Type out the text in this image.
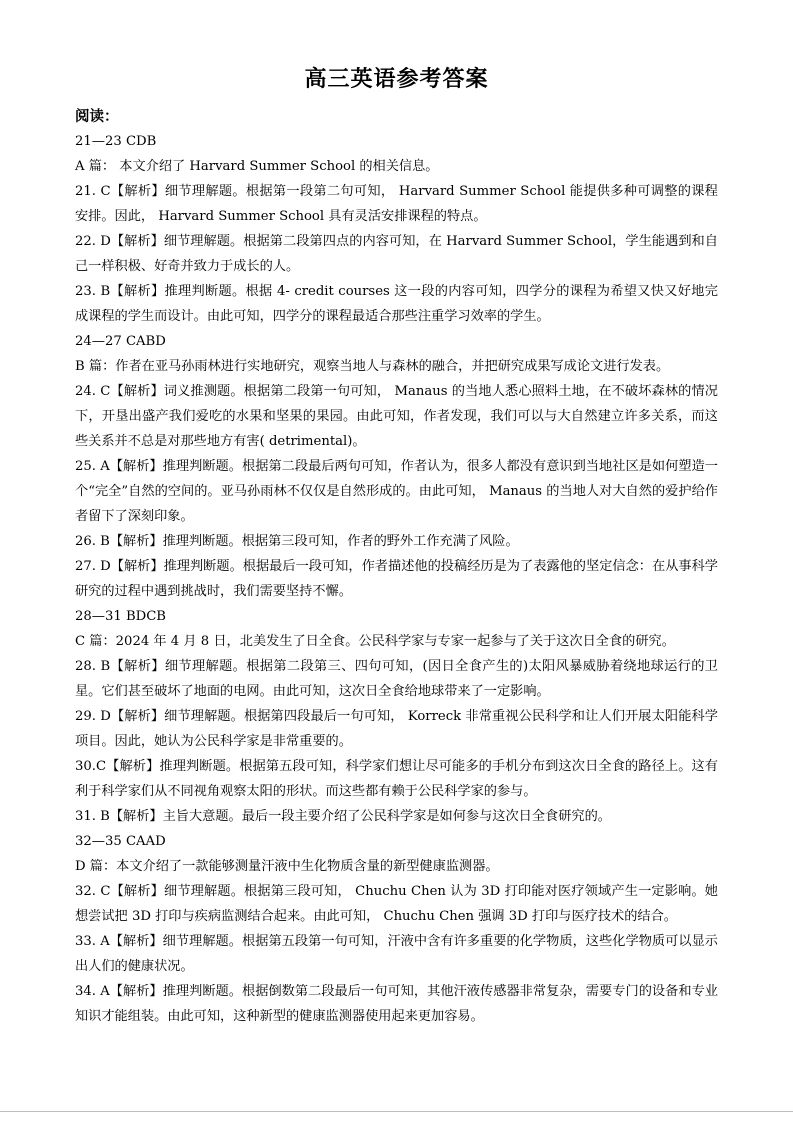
高三英语参考答案

阅读：

21—23 CDB

A 篇： 本文介绍了 Harvard Summer School 的相关信息。

21. C【解析】细节理解题。根据第一段第二句可知， Harvard Summer School 能提供多种可调整的课程安排。因此， Harvard Summer School 具有灵活安排课程的特点。

22. D【解析】细节理解题。根据第二段第四点的内容可知，在 Harvard Summer School，学生能遇到和自己一样积极、好奇并致力于成长的人。

23. B【解析】推理判断题。根据 4- credit courses 这一段的内容可知，四学分的课程为希望又快又好地完成课程的学生而设计。由此可知，四学分的课程最适合那些注重学习效率的学生。

24—27 CABD

B 篇：作者在亚马孙雨林进行实地研究，观察当地人与森林的融合，并把研究成果写成论文进行发表。

24. C【解析】词义推测题。根据第二段第一句可知， Manaus 的当地人悉心照料土地，在不破坏森林的情况下，开垦出盛产我们爱吃的水果和坚果的果园。由此可知，作者发现，我们可以与大自然建立许多关系，而这些关系并不总是对那些地方有害( detrimental)。

25. A【解析】推理判断题。根据第二段最后两句可知，作者认为，很多人都没有意识到当地社区是如何塑造一个“完全”自然的空间的。亚马孙雨林不仅仅是自然形成的。由此可知， Manaus 的当地人对大自然的爱护给作者留下了深刻印象。

26. B【解析】推理判断题。根据第三段可知，作者的野外工作充满了风险。

27. D【解析】推理判断题。根据最后一段可知，作者描述他的投稿经历是为了表露他的坚定信念：在从事科学研究的过程中遇到挑战时，我们需要坚持不懈。

28—31 BDCB

C 篇：2024 年 4 月 8 日，北美发生了日全食。公民科学家与专家一起参与了关于这次日全食的研究。

28. B【解析】细节理解题。根据第二段第三、四句可知，(因日全食产生的)太阳风暴威胁着绕地球运行的卫星。它们甚至破坏了地面的电网。由此可知，这次日全食给地球带来了一定影响。

29. D【解析】细节理解题。根据第四段最后一句可知， Korreck 非常重视公民科学和让人们开展太阳能科学项目。因此，她认为公民科学家是非常重要的。

30.C【解析】推理判断题。根据第五段可知，科学家们想让尽可能多的手机分布到这次日全食的路径上。这有利于科学家们从不同视角观察太阳的形状。而这些都有赖于公民科学家的参与。

31. B【解析】主旨大意题。最后一段主要介绍了公民科学家是如何参与这次日全食研究的。

32—35 CAAD

D 篇：本文介绍了一款能够测量汗液中生化物质含量的新型健康监测器。

32. C【解析】细节理解题。根据第三段可知， Chuchu Chen 认为 3D 打印能对医疗领域产生一定影响。她想尝试把 3D 打印与疾病监测结合起来。由此可知， Chuchu Chen 强调 3D 打印与医疗技术的结合。

33. A【解析】细节理解题。根据第五段第一句可知，汗液中含有许多重要的化学物质，这些化学物质可以显示出人们的健康状况。

34. A【解析】推理判断题。根据倒数第二段最后一句可知，其他汗液传感器非常复杂，需要专门的设备和专业知识才能组装。由此可知，这种新型的健康监测器使用起来更加容易。
